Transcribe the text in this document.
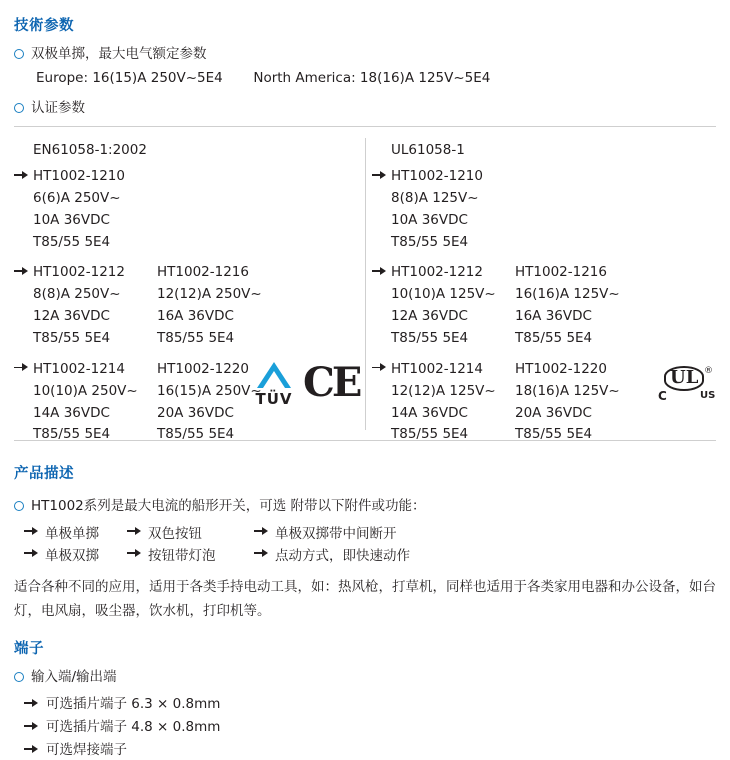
技術参数
双极单掷，最大电气额定参数
Europe: 16(15)A 250V~5E4 North America: 18(16)A 125V~5E4
认证参数
EN61058-1:2002
HT1002-1210
6(6)A 250V~
10A 36VDC
T85/55 5E4
HT1002-1212
8(8)A 250V~
12A 36VDC
T85/55 5E4
HT1002-1216
12(12)A 250V~
16A 36VDC
T85/55 5E4
HT1002-1214
10(10)A 250V~
14A 36VDC
T85/55 5E4
HT1002-1220
16(15)A 250V~
20A 36VDC
T85/55 5E4
UL61058-1
HT1002-1210
8(8)A 125V~
10A 36VDC
T85/55 5E4
HT1002-1212
10(10)A 125V~
12A 36VDC
T85/55 5E4
HT1002-1216
16(16)A 125V~
16A 36VDC
T85/55 5E4
HT1002-1214
12(12)A 125V~
14A 36VDC
T85/55 5E4
HT1002-1220
18(16)A 125V~
20A 36VDC
T85/55 5E4
TÜV CE	UL ®
C	US
产品描述
HT1002系列是最大电流的船形开关，可选 附带以下附件或功能：
单极单掷	双色按钮	单极双掷带中间断开
单极双掷	按钮带灯泡	点动方式，即快速动作
适合各种不同的应用，适用于各类手持电动工具，如：热风枪，打草机，同样也适用于各类家用电器和办公设备，如台灯，电风扇，吸尘器，饮水机，打印机等。
端子
输入端/输出端
可选插片端子 6.3 × 0.8mm
可选插片端子 4.8 × 0.8mm
可选焊接端子
